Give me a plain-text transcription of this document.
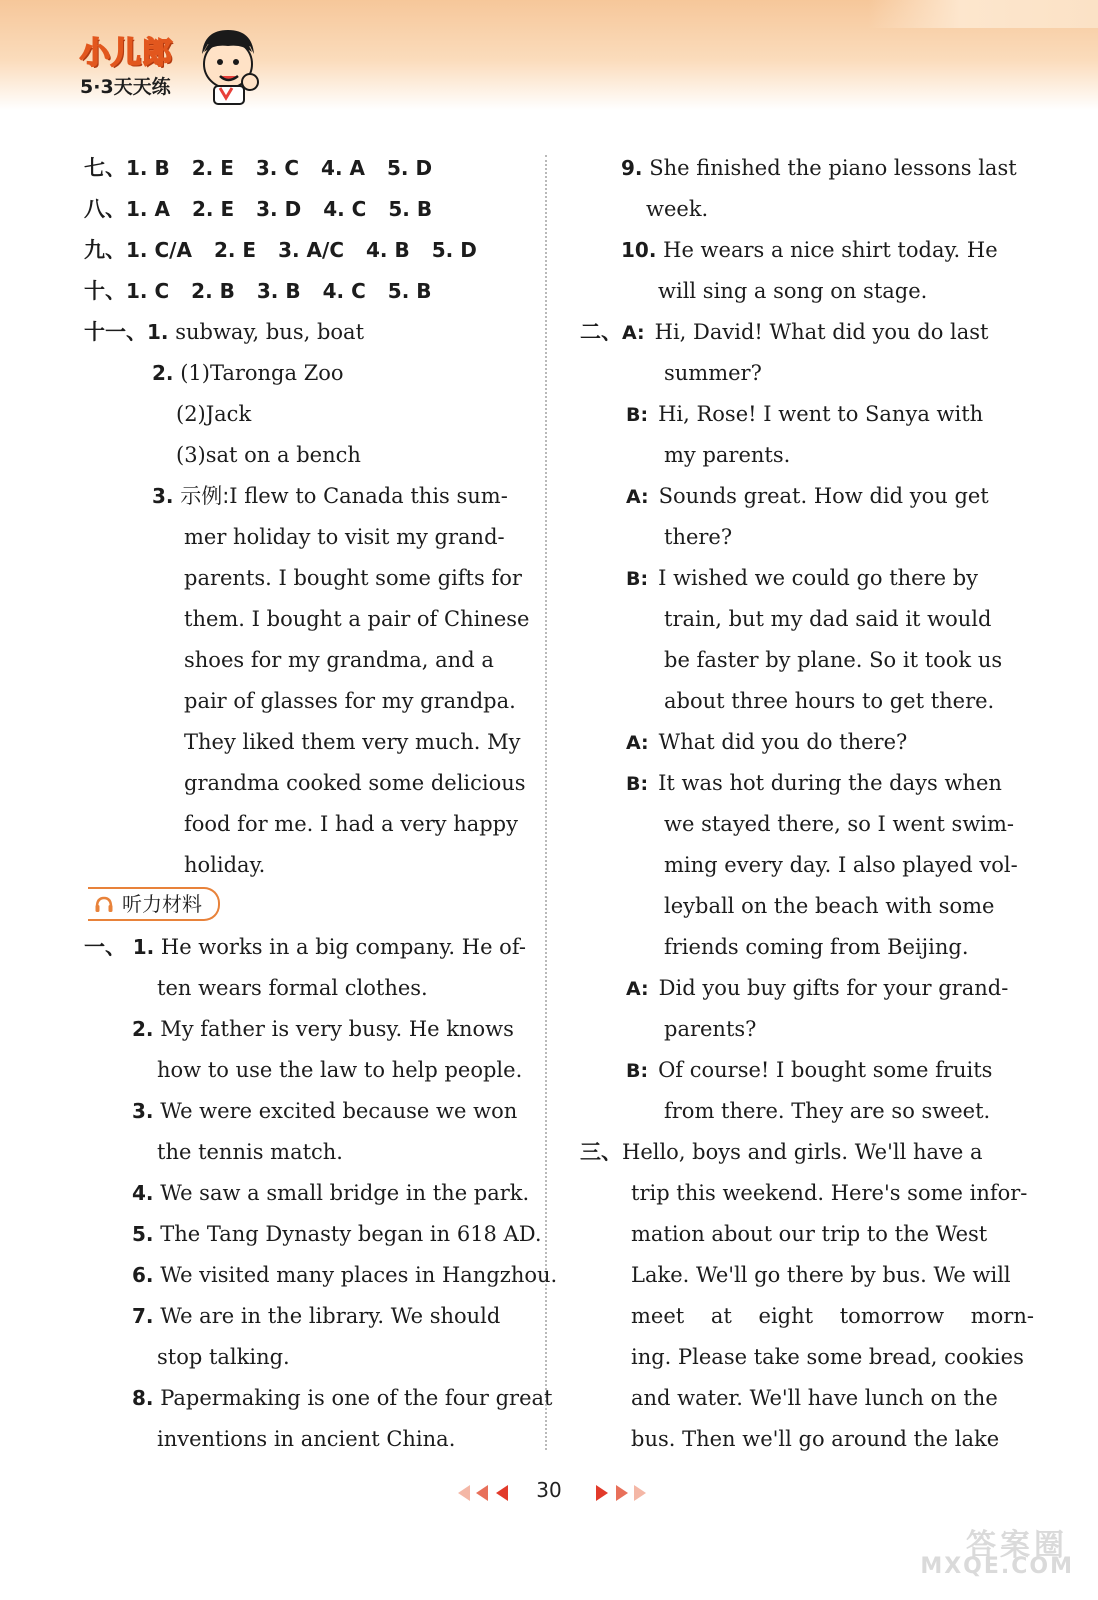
小儿郎
5·3天天练
七、1. B 2. E 3. C 4. A 5. D
八、1. A 2. E 3. D 4. C 5. B
九、1. C/A 2. E 3. A/C 4. B 5. D
十、1. C 2. B 3. B 4. C 5. B
十一、1. subway, bus, boat
2. (1)Taronga Zoo
(2)Jack
(3)sat on a bench
3. 示例:I flew to Canada this sum-
mer holiday to visit my grand-
parents. I bought some gifts for
them. I bought a pair of Chinese
shoes for my grandma, and a
pair of glasses for my grandpa.
They liked them very much. My
grandma cooked some delicious
food for me. I had a very happy
holiday.
听力材料
一、 1. He works in a big company. He of-
ten wears formal clothes.
2. My father is very busy. He knows
how to use the law to help people.
3. We were excited because we won
the tennis match.
4. We saw a small bridge in the park.
5. The Tang Dynasty began in 618 AD.
6. We visited many places in Hangzhou.
7. We are in the library. We should
stop talking.
8. Papermaking is one of the four great
inventions in ancient China.
9. She finished the piano lessons last
week.
10. He wears a nice shirt today. He
will sing a song on stage.
二、A: Hi, David! What did you do last
summer?
B: Hi, Rose! I went to Sanya with
my parents.
A: Sounds great. How did you get
there?
B: I wished we could go there by
train, but my dad said it would
be faster by plane. So it took us
about three hours to get there.
A: What did you do there?
B: It was hot during the days when
we stayed there, so I went swim-
ming every day. I also played vol-
leyball on the beach with some
friends coming from Beijing.
A: Did you buy gifts for your grand-
parents?
B: Of course! I bought some fruits
from there. They are so sweet.
三、Hello, boys and girls. We'll have a
trip this weekend. Here's some infor-
mation about our trip to the West
Lake. We'll go there by bus. We will
meet at eight tomorrow morn-
ing. Please take some bread, cookies
and water. We'll have lunch on the
bus. Then we'll go around the lake
30
答案圈
MXQE.COM
